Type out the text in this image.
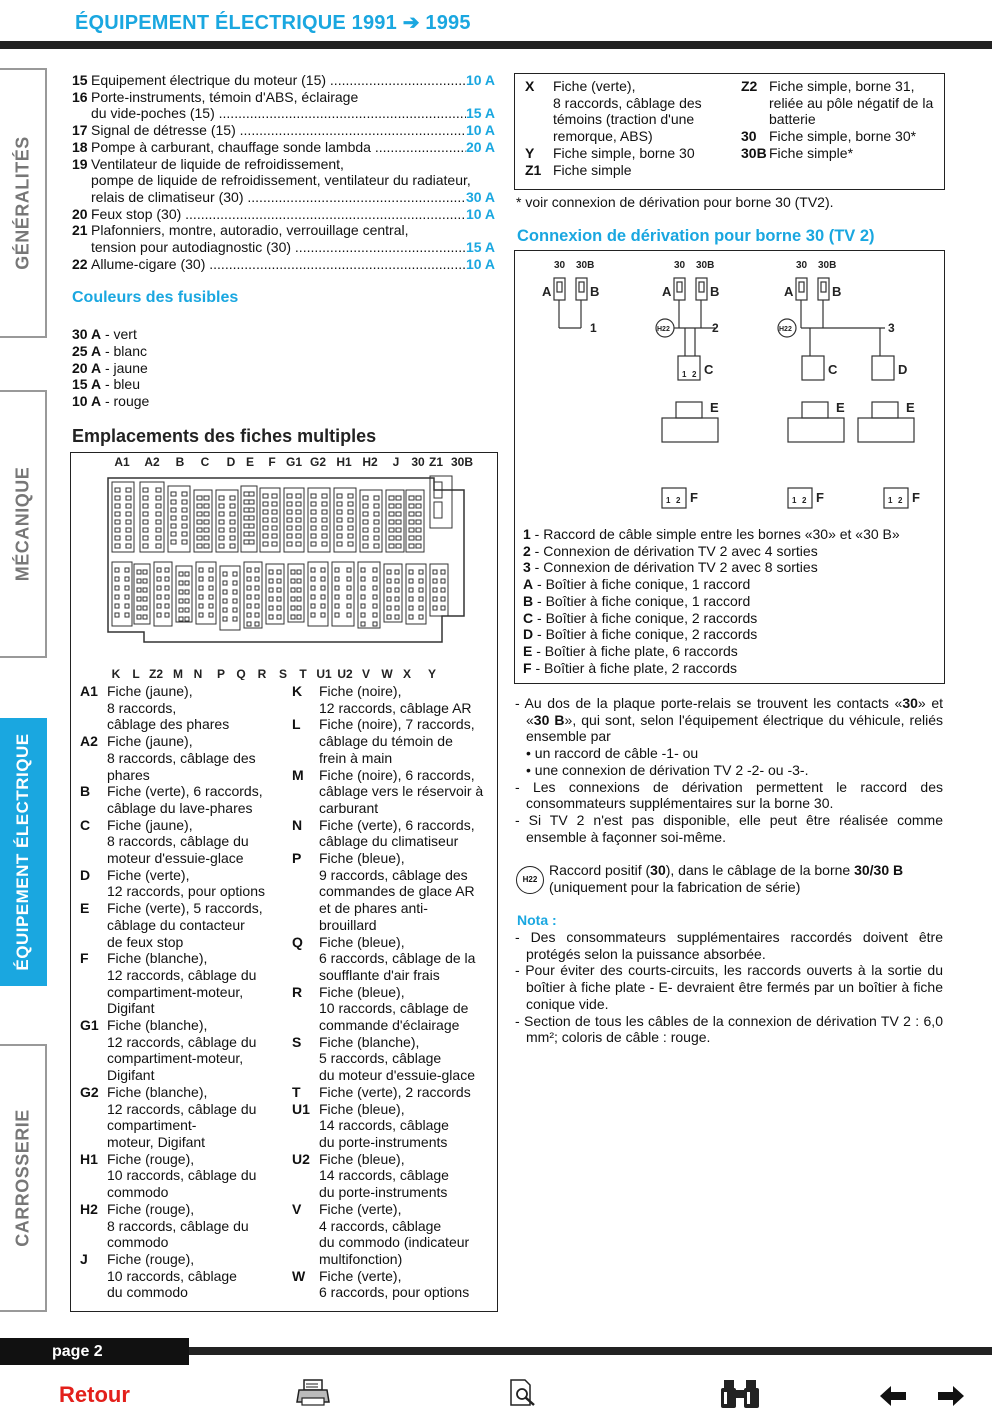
ÉQUIPEMENT ÉLECTRIQUE 1991 ➔ 1995
GÉNÉRALITÉS
MÉCANIQUE
ÉQUIPEMENT ÉLECTRIQUE
CARROSSERIE
15 Equipement électrique du moteur (15) .....	10 A
16 Porte-instruments, témoin d'ABS, éclairage
du vide-poches (15) .....	15 A
17 Signal de détresse (15) .....	10 A
18 Pompe à carburant, chauffage sonde lambda .....	20 A
19 Ventilateur de liquide de refroidissement,
pompe de liquide de refroidissement, ventilateur du radiateur,
relais de climatiseur (30) .....	30 A
20 Feux stop (30) .....	10 A
21 Plafonniers, montre, autoradio, verrouillage central,
tension pour autodiagnostic (30) .....	15 A
22 Allume-cigare (30) .....	10 A
Couleurs des fusibles
30 A - vert
25 A - blanc
20 A - jaune
15 A - bleu
10 A - rouge
Emplacements des fiches multiples
A1 A2 B C D E F G1 G2 H1 H2 J 30 Z1 30B
K L Z2 M N P Q R S T U1 U2 V W X Y
A1 Fiche (jaune),
8 raccords,
câblage des phares
A2 Fiche (jaune),
8 raccords, câblage des phares
B	Fiche (verte), 6 raccords, câblage du lave-phares
C	Fiche (jaune),
8 raccords, câblage du moteur d'essuie-glace
D	Fiche (verte),
12 raccords, pour options
E	Fiche (verte), 5 raccords, câblage du contacteur
de feux stop
F	Fiche (blanche),
12 raccords, câblage du compartiment-moteur, Digifant
G1 Fiche (blanche),
12 raccords, câblage du compartiment-moteur, Digifant
G2 Fiche (blanche),
12 raccords, câblage du compartiment-
moteur, Digifant
H1 Fiche (rouge),
10 raccords, câblage du commodo
H2 Fiche (rouge),
8 raccords, câblage du commodo
J	Fiche (rouge),
10 raccords, câblage
du commodo
K	Fiche (noire),
12 raccords, câblage AR
L	Fiche (noire), 7 raccords, câblage du témoin de
frein à main
M	Fiche (noire), 6 raccords, câblage vers le réservoir à carburant
N	Fiche (verte), 6 raccords, câblage du climatiseur
P	Fiche (bleue),
9 raccords, câblage des commandes de glace AR et de phares anti-
brouillard
Q	Fiche (bleue),
6 raccords, câblage de la soufflante d'air frais
R	Fiche (bleue),
10 raccords, câblage de commande d'éclairage
S	Fiche (blanche),
5 raccords, câblage
du moteur d'essuie-glace
T	Fiche (verte), 2 raccords
U1 Fiche (bleue),
14 raccords, câblage
du porte-instruments
U2 Fiche (bleue),
14 raccords, câblage
du porte-instruments
V	Fiche (verte),
4 raccords, câblage
du commodo (indicateur multifonction)
W Fiche (verte),
6 raccords, pour options
X	Fiche (verte),
8 raccords, câblage des témoins (traction d'une remorque, ABS)
Y	Fiche simple, borne 30
Z1 Fiche simple
Z2 Fiche simple, borne 31, reliée au pôle négatif de la batterie
30 Fiche simple, borne 30*
30B Fiche simple*
* voir connexion de dérivation pour borne 30 (TV2).
Connexion de dérivation pour borne 30 (TV 2)
30 30B
A	B
1
30 30B
A	B
H22	2
1 2 C
30 30B
A	B
H22	3
C	D
E	E	E
1 2 F	1 2 F	1 2 F
1 - Raccord de câble simple entre les bornes «30» et «30 B»
2 - Connexion de dérivation TV 2 avec 4 sorties
3 - Connexion de dérivation TV 2 avec 8 sorties
A - Boîtier à fiche conique, 1 raccord
B - Boîtier à fiche conique, 1 raccord
C - Boîtier à fiche conique, 2 raccords
D - Boîtier à fiche conique, 2 raccords
E - Boîtier à fiche plate, 6 raccords
F - Boîtier à fiche plate, 2 raccords
- Au dos de la plaque porte-relais se trouvent les contacts «30» et «30 B», qui sont, selon l'équipement électrique du véhicule, reliés ensemble par
• un raccord de câble -1- ou
• une connexion de dérivation TV 2 -2- ou -3-.
- Les connexions de dérivation permettent le raccord des consommateurs supplémentaires sur la borne 30.
- Si TV 2 n'est pas disponible, elle peut être réalisée comme ensemble à façonner soi-même.
H22
Raccord positif (30), dans le câblage de la borne 30/30 B
(uniquement pour la fabrication de série)
Nota :
- Des consommateurs supplémentaires raccordés doivent être protégés selon la puissance absorbée.
- Pour éviter des courts-circuits, les raccords ouverts à la sortie du boîtier à fiche plate - E- devraient être fermés par un boîtier à fiche conique vide.
- Section de tous les câbles de la connexion de dérivation TV 2 : 6,0 mm²; coloris de câble : rouge.
page 2
Retour
